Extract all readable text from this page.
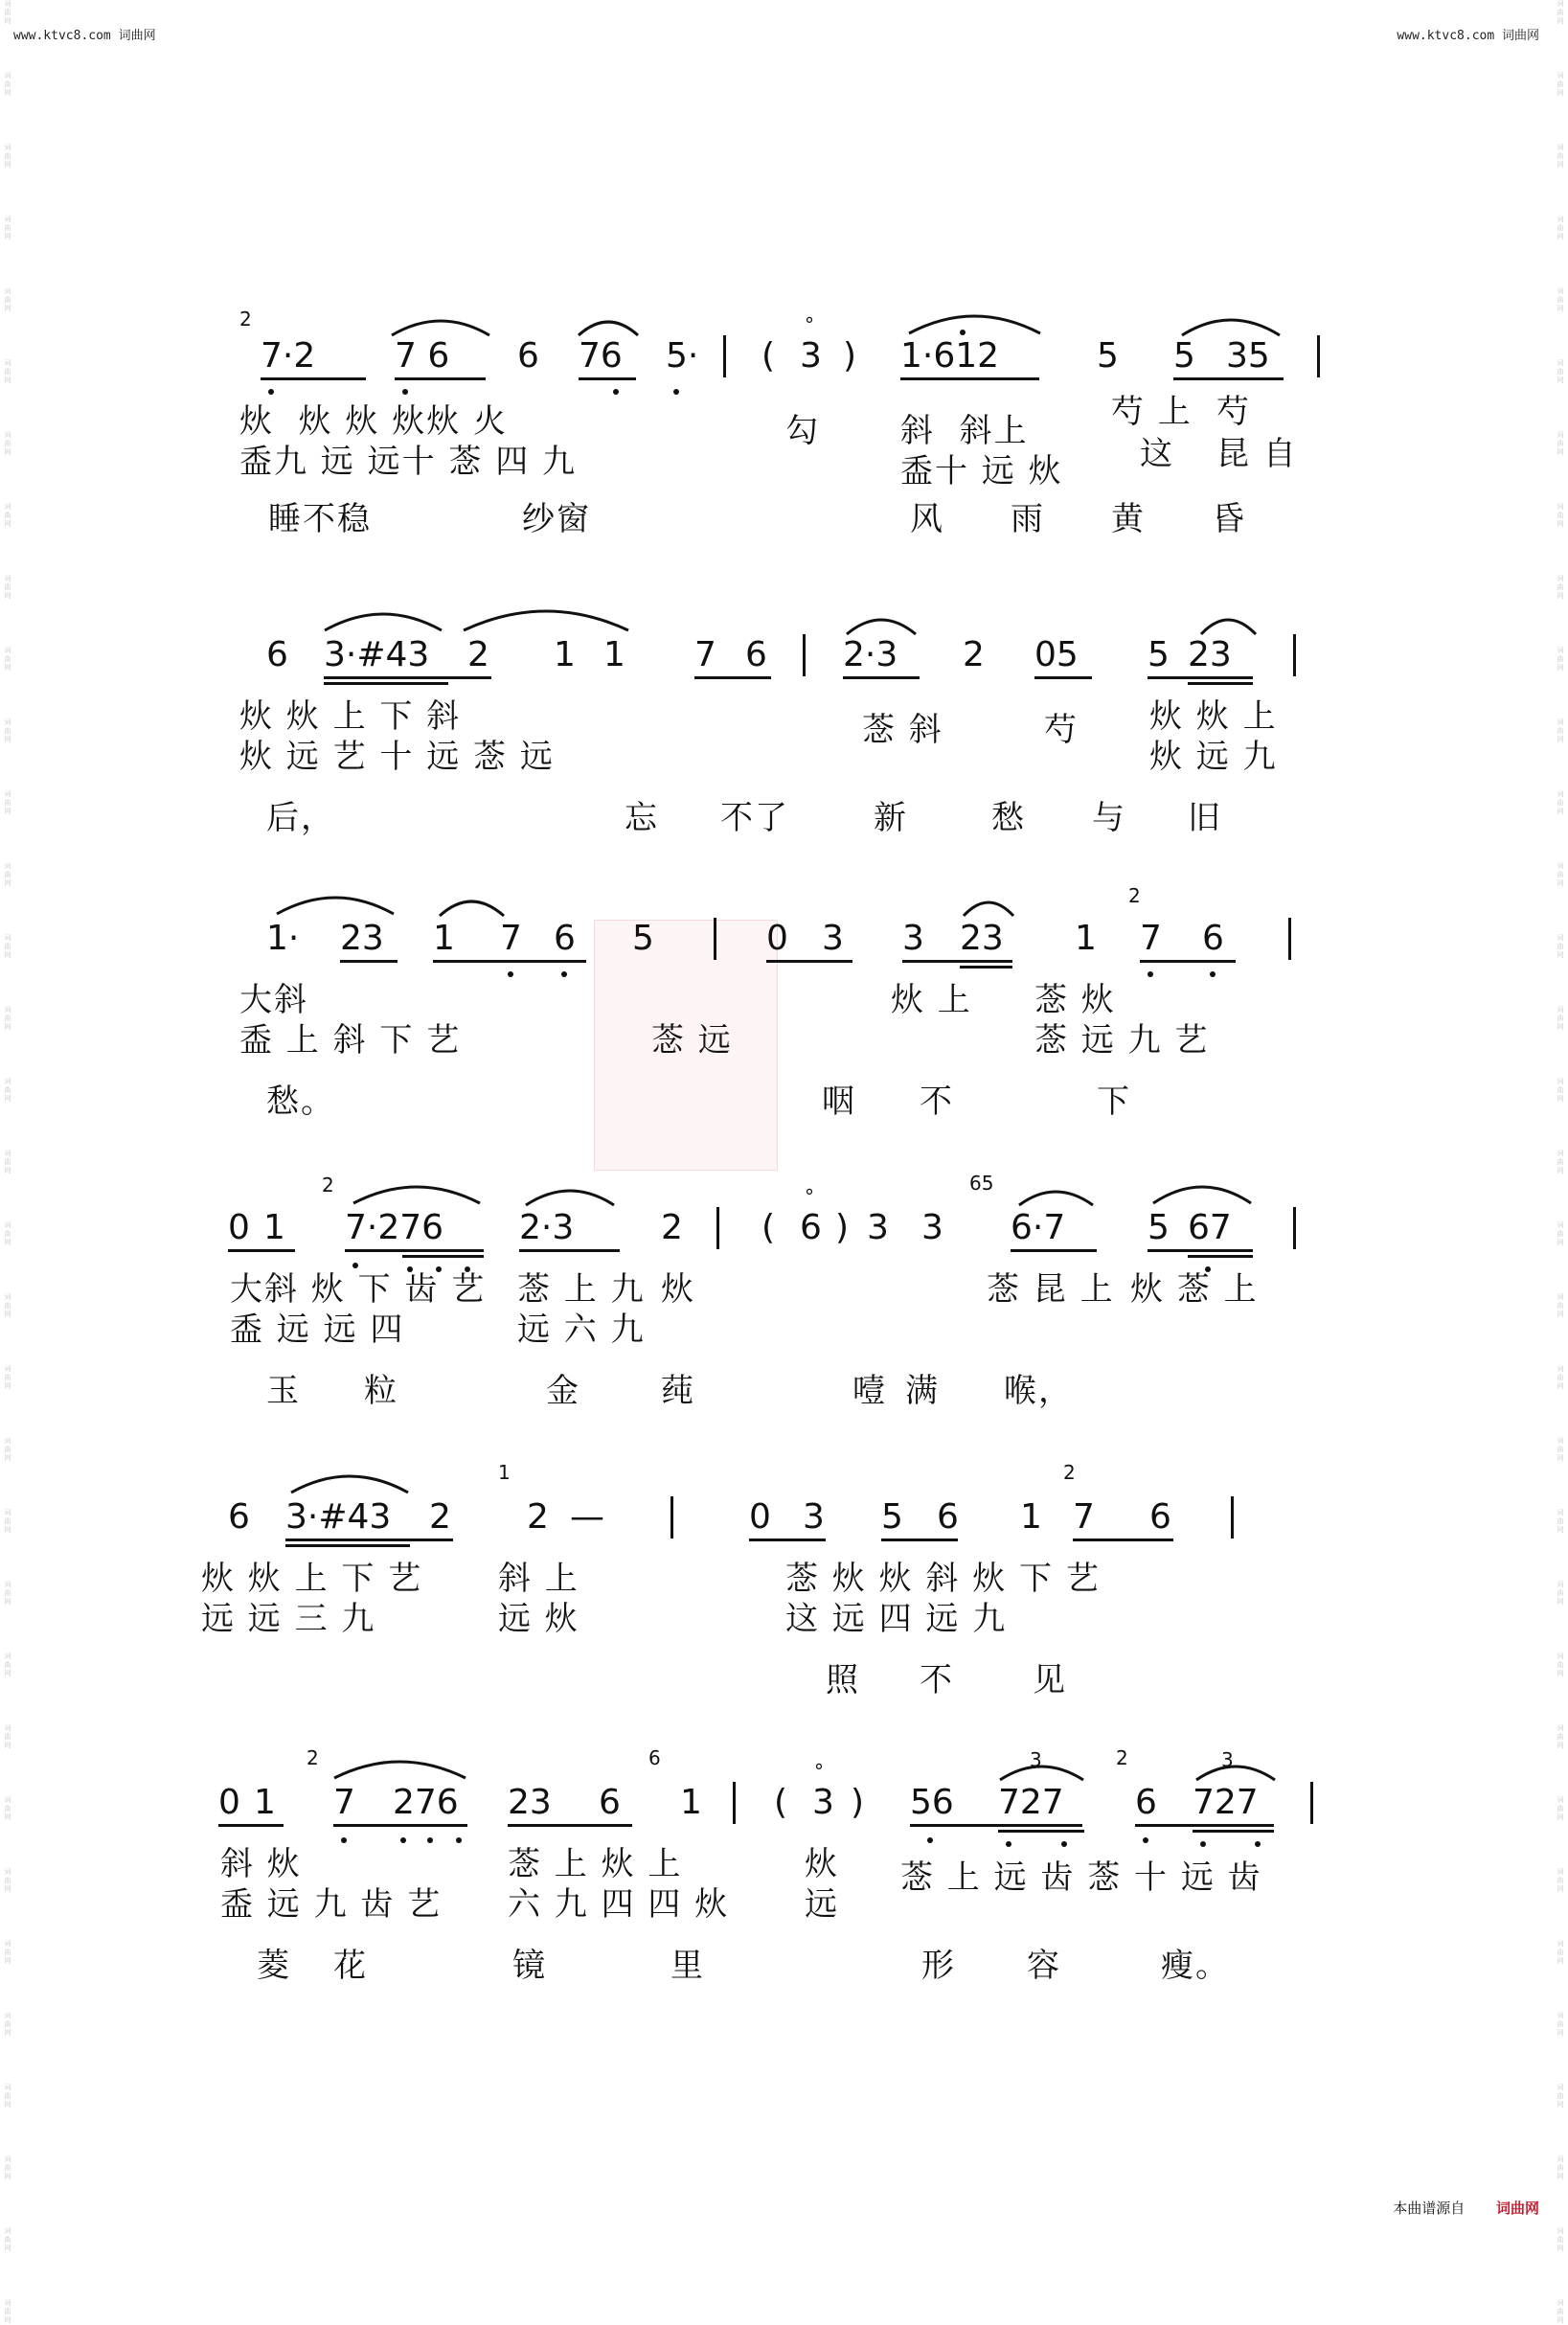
www.ktvc8.com 词曲网	www.ktvc8.com 词曲网
词曲网
词曲网
词曲网
词曲网
词曲网
词曲网
词曲网
词曲网
词曲网
词曲网
词曲网
词曲网
词曲网
词曲网
词曲网
词曲网
词曲网
词曲网
词曲网
词曲网
词曲网
词曲网
词曲网
词曲网
词曲网
词曲网
词曲网
词曲网
词曲网
词曲网
词曲网
词曲网
词曲网
词曲网
词曲网
词曲网
词曲网
词曲网
词曲网
词曲网
词曲网
词曲网
词曲网
词曲网
词曲网
词曲网
词曲网
词曲网
词曲网
词曲网
词曲网
词曲网
词曲网
词曲网
词曲网
词曲网
词曲网
词曲网
词曲网
词曲网
词曲网
词曲网
词曲网
词曲网
词曲网
词曲网
2
7·2 7 6 6 76 5· (
°
3 ) 1·612	5 5 35
炏  炏 炏 炏炏 火
盉九 远 远十 菍 四 九
勾 斜  斜上	芍 上
盉十 远 炏
芍
这 昆 自
睡不稳	纱窗	风 雨 黄 昏
6 3·#43 2 1 1 7 6 2·3 2 05 5 23
炏 炏 上 下 斜
炏 远 艺 十 远 菍 远
菍 斜	芍 炏 炏 上
炏 远 九
后，	忘 不了	新	愁 与 旧
1· 23 1 7 6 5	0 3 3 23 1
2
7 6
大斜
盉 上 斜 下 艺	菍 远
炏 上 菍 炏
菍 远 九 艺
愁。	咽 不	下
0 1
2
7·276 2·3	2 (
°
6 ) 3 3
65
6·7 5 67
大斜 炏 下 齿 艺 菍 上 九
远 六 九
炏	菍 昆 上 炏 菍 上
盉 远 远 四
玉 粒	金 莼	噎 满 喉，
6 3·#43 2
1
2 —	0 3 5 6 1
2
7 6
炏 炏 上 下 艺 斜 上
远 远 三 九	远 炏
菍 炏 炏 斜 炏 下 艺
这 远 四 远 九
照 不 见
0 1
2
7 276 23 6
6
1 (
°
3 ) 56
3
727
2
6
3
727
斜 炏
盉 远 九 齿 艺
菍 上 炏 上
六 九 四 四 炏
炏
远
菍 上 远 齿 菍 十 远 齿
菱 花	镜	里	形 容	瘦。
本曲谱源自 词曲网
